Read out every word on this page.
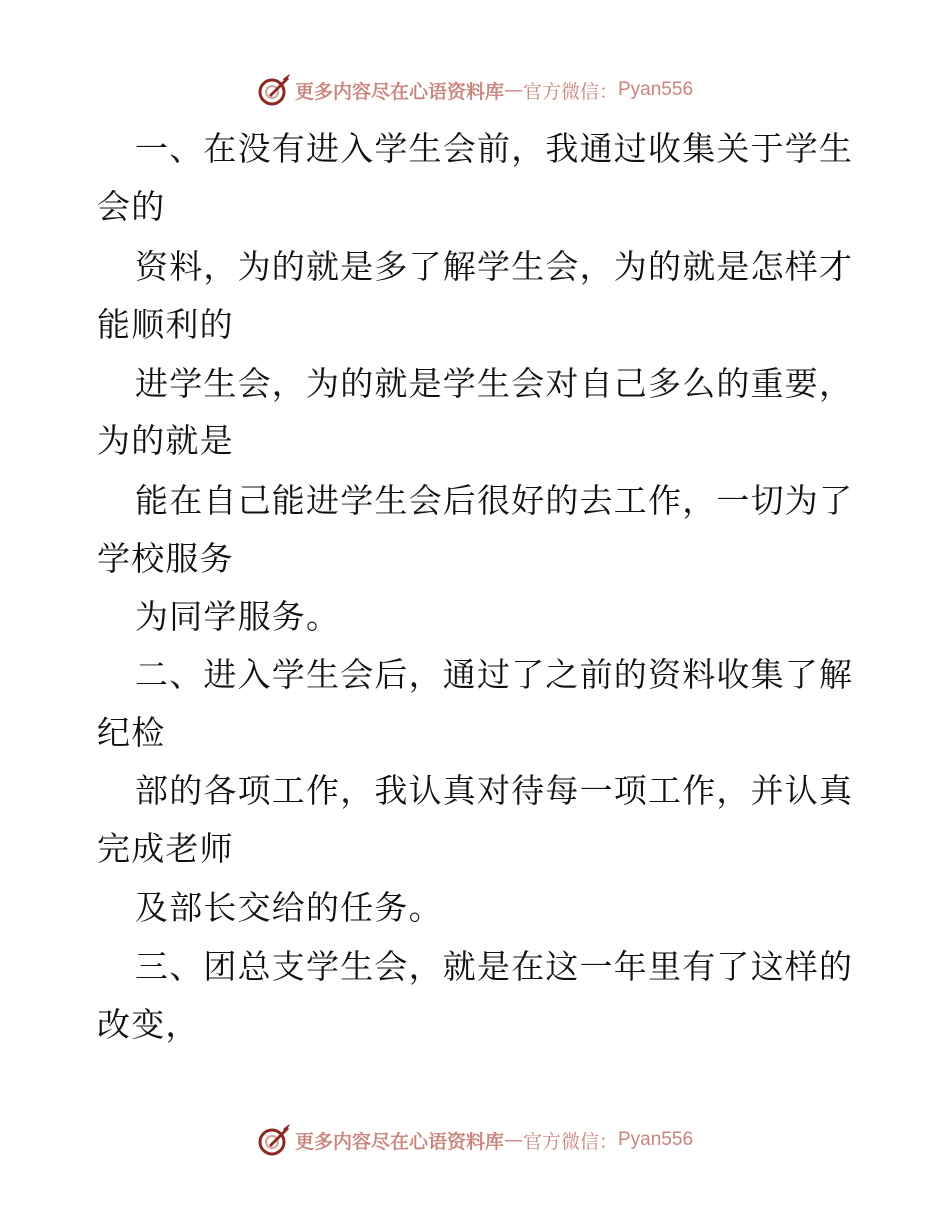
更多内容尽在心语资料库 — 官方微信： Pyan556
一、在没有进入学生会前，我通过收集关于学生
会的
资料，为的就是多了解学生会，为的就是怎样才
能顺利的
进学生会，为的就是学生会对自己多么的重要，
为的就是
能在自己能进学生会后很好的去工作，一切为了
学校服务
为同学服务。
二、进入学生会后，通过了之前的资料收集了解
纪检
部的各项工作，我认真对待每一项工作，并认真
完成老师
及部长交给的任务。
三、团总支学生会，就是在这一年里有了这样的
改变，
更多内容尽在心语资料库 — 官方微信： Pyan556
